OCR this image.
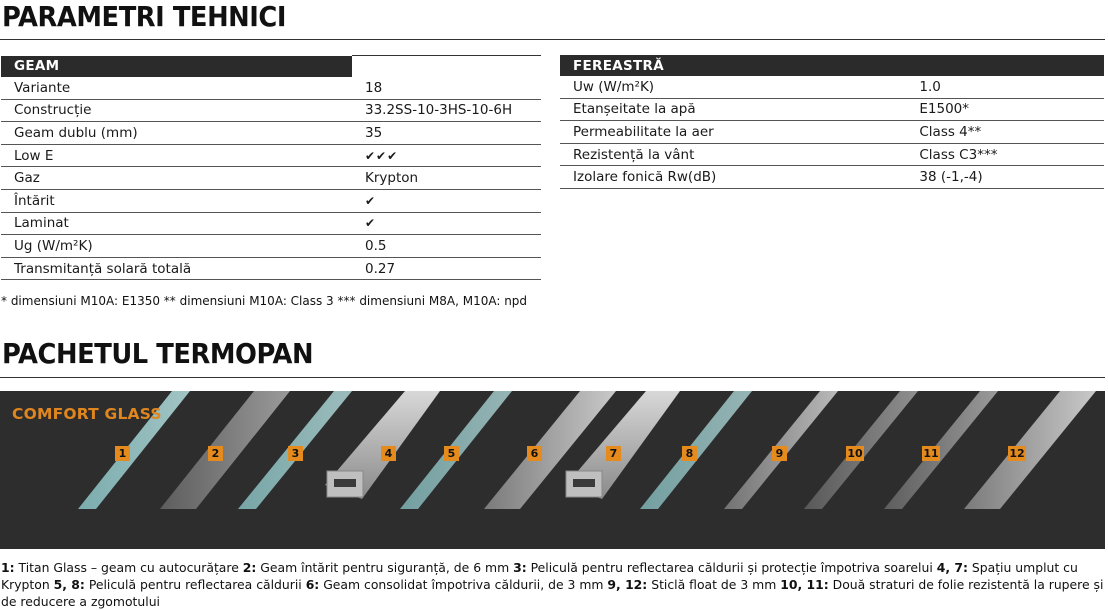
PARAMETRI TEHNICI
GEAM	
Variante	18
Construcție	33.2SS-10-3HS-10-6H
Geam dublu (mm)	35
Low E	✔✔✔
Gaz	Krypton
Întărit	✔
Laminat	✔
Ug (W/m²K)	0.5
Transmitanță solară totală	0.27
FEREASTRĂ	
Uw (W/m²K)	1.0
Etanșeitate la apă	E1500*
Permeabilitate la aer	Class 4**
Rezistență la vânt	Class C3***
Izolare fonică Rw(dB)	38 (-1,-4)
* dimensiuni M10A: E1350 ** dimensiuni M10A: Class 3 *** dimensiuni M8A, M10A: npd
PACHETUL TERMOPAN
COMFORT GLASS
1	2	3	4	5	6	7	8	9	10	11	12
1: Titan Glass – geam cu autocurățare 2: Geam întărit pentru siguranță, de 6 mm 3: Peliculă pentru reflectarea căldurii și protecție împotriva soarelui 4, 7: Spațiu umplut cu Krypton 5, 8: Peliculă pentru reflectarea căldurii 6: Geam consolidat împotriva căldurii, de 3 mm 9, 12: Sticlă float de 3 mm 10, 11: Două straturi de folie rezistentă la rupere și de reducere a zgomotului
